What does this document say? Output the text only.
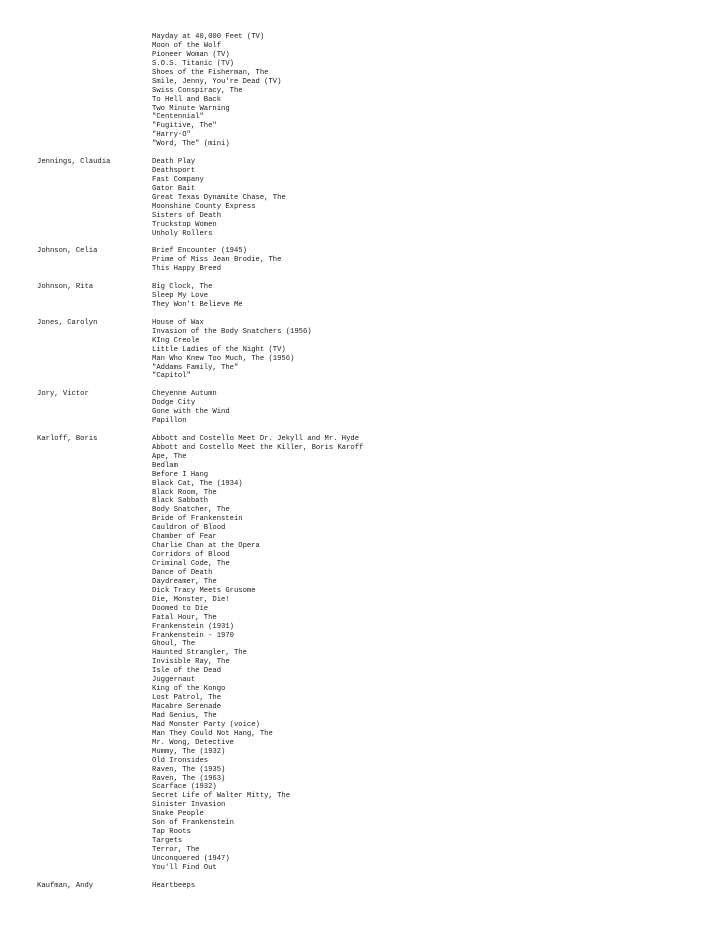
Mayday at 40,000 Feet (TV)
Moon of the Wolf
Pioneer Woman (TV)
S.O.S. Titanic (TV)
Shoes of the Fisherman, The
Smile, Jenny, You're Dead (TV)
Swiss Conspiracy, The
To Hell and Back
Two Minute Warning
"Centennial"
"Fugitive, The"
"Harry-O"
"Word, The" (mini)
Jennings, Claudia	Death Play
Deathsport
Fast Company
Gator Bait
Great Texas Dynamite Chase, The
Moonshine County Express
Sisters of Death
Truckstop Women
Unholy Rollers
Johnson, Celia	Brief Encounter (1945)
Prime of Miss Jean Brodie, The
This Happy Breed
Johnson, Rita	Big Clock, The
Sleep My Love
They Won't Believe Me
Jones, Carolyn	House of Wax
Invasion of the Body Snatchers (1956)
KIng Creole
Little Ladies of the Night (TV)
Man Who Knew Too Much, The (1956)
"Addams Family, The"
"Capitol"
Jory, Victor	Cheyenne Autumn
Dodge City
Gone with the Wind
Papillon
Karloff, Boris	Abbott and Costello Meet Dr. Jekyll and Mr. Hyde
Abbott and Costello Meet the Killer, Boris Karoff
Ape, The
Bedlam
Before I Hang
Black Cat, The (1934)
Black Room, The
Black Sabbath
Body Snatcher, The
Bride of Frankenstein
Cauldron of Blood
Chamber of Fear
Charlie Chan at the Opera
Corridors of Blood
Criminal Code, The
Dance of Death
Daydreamer, The
Dick Tracy Meets Grusome
Die, Monster, Die!
Doomed to Die
Fatal Hour, The
Frankenstein (1931)
Frankenstein - 1970
Ghoul, The
Haunted Strangler, The
Invisible Ray, The
Isle of the Dead
Juggernaut
King of the Kongo
Lost Patrol, The
Macabre Serenade
Mad Genius, The
Mad Monster Party (voice)
Man They Could Not Hang, The
Mr. Wong, Detective
Mummy, The (1932)
Old Ironsides
Raven, The (1935)
Raven, The (1963)
Scarface (1932)
Secret Life of Walter Mitty, The
Sinister Invasion
Snake People
Son of Frankenstein
Tap Roots
Targets
Terror, The
Unconquered (1947)
You'll Find Out
Kaufman, Andy	Heartbeeps
